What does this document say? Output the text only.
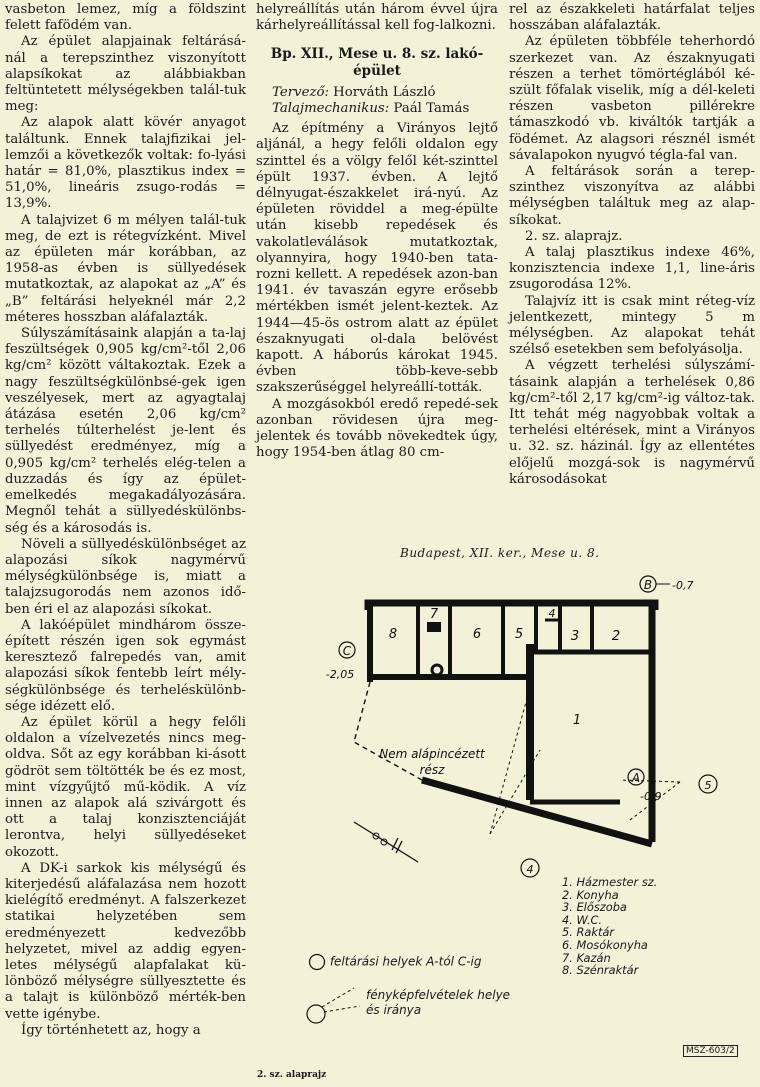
vasbeton lemez, míg a földszint felett fafödém van.

Az épület alapjainak feltárásá-nál a terepszinthez viszonyított alapsíkokat az alábbiakban feltüntetett mélységekben talál-tuk meg:

Az alapok alatt kövér anyagot találtunk. Ennek talajfizikai jel-lemzői a következők voltak: fo-lyási határ = 81,0%, plasztikus index = 51,0%, lineáris zsugo-rodás = 13,9%.

A talajvizet 6 m mélyen talál-tuk meg, de ezt is rétegvízként. Mivel az épületen már korábban, az 1958-as évben is süllyedések mutatkoztak, az alapokat az „A” és „B” feltárási helyeknél már 2,2 méteres hosszban aláfalazták.

Súlyszámításaink alapján a ta-laj feszültségek 0,905 kg/cm²-től 2,06 kg/cm² között váltakoztak. Ezek a nagy feszültségkülönbsé-gek igen veszélyesek, mert az agyagtalaj átázása esetén 2,06 kg/cm² terhelés túlterhelést je-lent és süllyedést eredményez, míg a 0,905 kg/cm² terhelés elég-telen a duzzadás és így az épület-emelkedés megakadályozására. Megnől tehát a süllyedéskülönbs-ség és a károsodás is.

Növeli a süllyedéskülönbséget az alapozási síkok nagymérvű mélységkülönbsége is, miatt a talajzsugorodás nem azonos idő-ben éri el az alapozási síkokat.

A lakóépület mindhárom össze-épített részén igen sok egymást keresztező falrepedés van, amit alapozási síkok fentebb leírt mély-ségkülönbsége és terheléskülönb-sége idézett elő.

Az épület körül a hegy felőli oldalon a vízelvezetés nincs meg-oldva. Sőt az egy korábban ki-ásott gödröt sem töltötték be és ez most, mint vízgyűjtő mű-ködik. A víz innen az alapok alá szivárgott és ott a talaj konzisztenciáját lerontva, helyi süllyedéseket okozott.

A DK-i sarkok kis mélységű és kiterjedésű aláfalazása nem hozott kielégítő eredményt. A falszerkezet statikai helyzetében sem eredményezett kedvezőbb helyzetet, mivel az addig egyen-letes mélységű alapfalakat kü-lönböző mélységre süllyesztette és a talajt is különböző mérték-ben vette igénybe.

Így történhetett az, hogy a

helyreállítás után három évvel újra kárhelyreállítással kell fog-lalkozni.

Bp. XII., Mese u. 8. sz. lakó-épület

Tervező: Horváth László

Talajmechanikus: Paál Tamás

Az építmény a Virányos lejtő aljánál, a hegy felőli oldalon egy szinttel és a völgy felől két-szinttel épült 1937. évben. A lejtő délnyugat-északkelet irá-nyú. Az épületen röviddel a meg-épülte után kisebb repedések és vakolatleválások mutatkoztak, olyannyira, hogy 1940-ben tata-rozni kellett. A repedések azon-ban 1941. év tavaszán egyre erősebb mértékben ismét jelent-keztek. Az 1944—45-ös ostrom alatt az épület északnyugati ol-dala belövést kapott. A háborús károkat 1945. évben több-keve-sebb szakszerűséggel helyreállí-tották.

A mozgásokból eredő repedé-sek azonban rövidesen újra meg-jelentek és tovább növekedtek úgy, hogy 1954-ben átlag 80 cm-

rel az északkeleti határfalat teljes hosszában aláfalazták.

Az épületen többféle teherhordó szerkezet van. Az északnyugati részen a terhet tömörtéglából ké-szült főfalak viselik, míg a dél-keleti részen vasbeton pillérekre támaszkodó vb. kiváltók tartják a födémet. Az alagsori résznél ismét sávalapokon nyugvó tégla-fal van.

A feltárások során a terep-szinthez viszonyítva az alábbi mélységben találtuk meg az alap-síkokat.

2. sz. alaprajz.

A talaj plasztikus indexe 46%, konzisztencia indexe 1,1, line-áris zsugorodása 12%.

Talajvíz itt is csak mint réteg-víz jelentkezett, mintegy 5 m mélységben. Az alapokat tehát szélső esetekben sem befolyásolja.

A végzett terhelési súlyszámí-tásaink alapján a terhelések 0,86 kg/cm²-től 2,17 kg/cm²-ig változ-tak. Itt tehát még nagyobbak voltak a terhelési eltérések, mint a Virányos u. 32. sz. házinál. Így az ellentétes előjelű mozgá-sok is nagymérvű károsodásokat

Budapest, XII. ker., Mese u. 8.
8
7
6	5
4
3	2
1
Nem alápincézett
rész
B -0,7
C
-2,05
A
-0,9
4
5
1. Házmester sz.
2. Konyha
3. Előszoba
4. W.C.
5. Raktár
6. Mosókonyha
7. Kazán
8. Szénraktár
feltárási helyek A-tól C-ig
fényképfelvételek helye
és iránya
MSZ-603/2
2. sz. alaprajz
